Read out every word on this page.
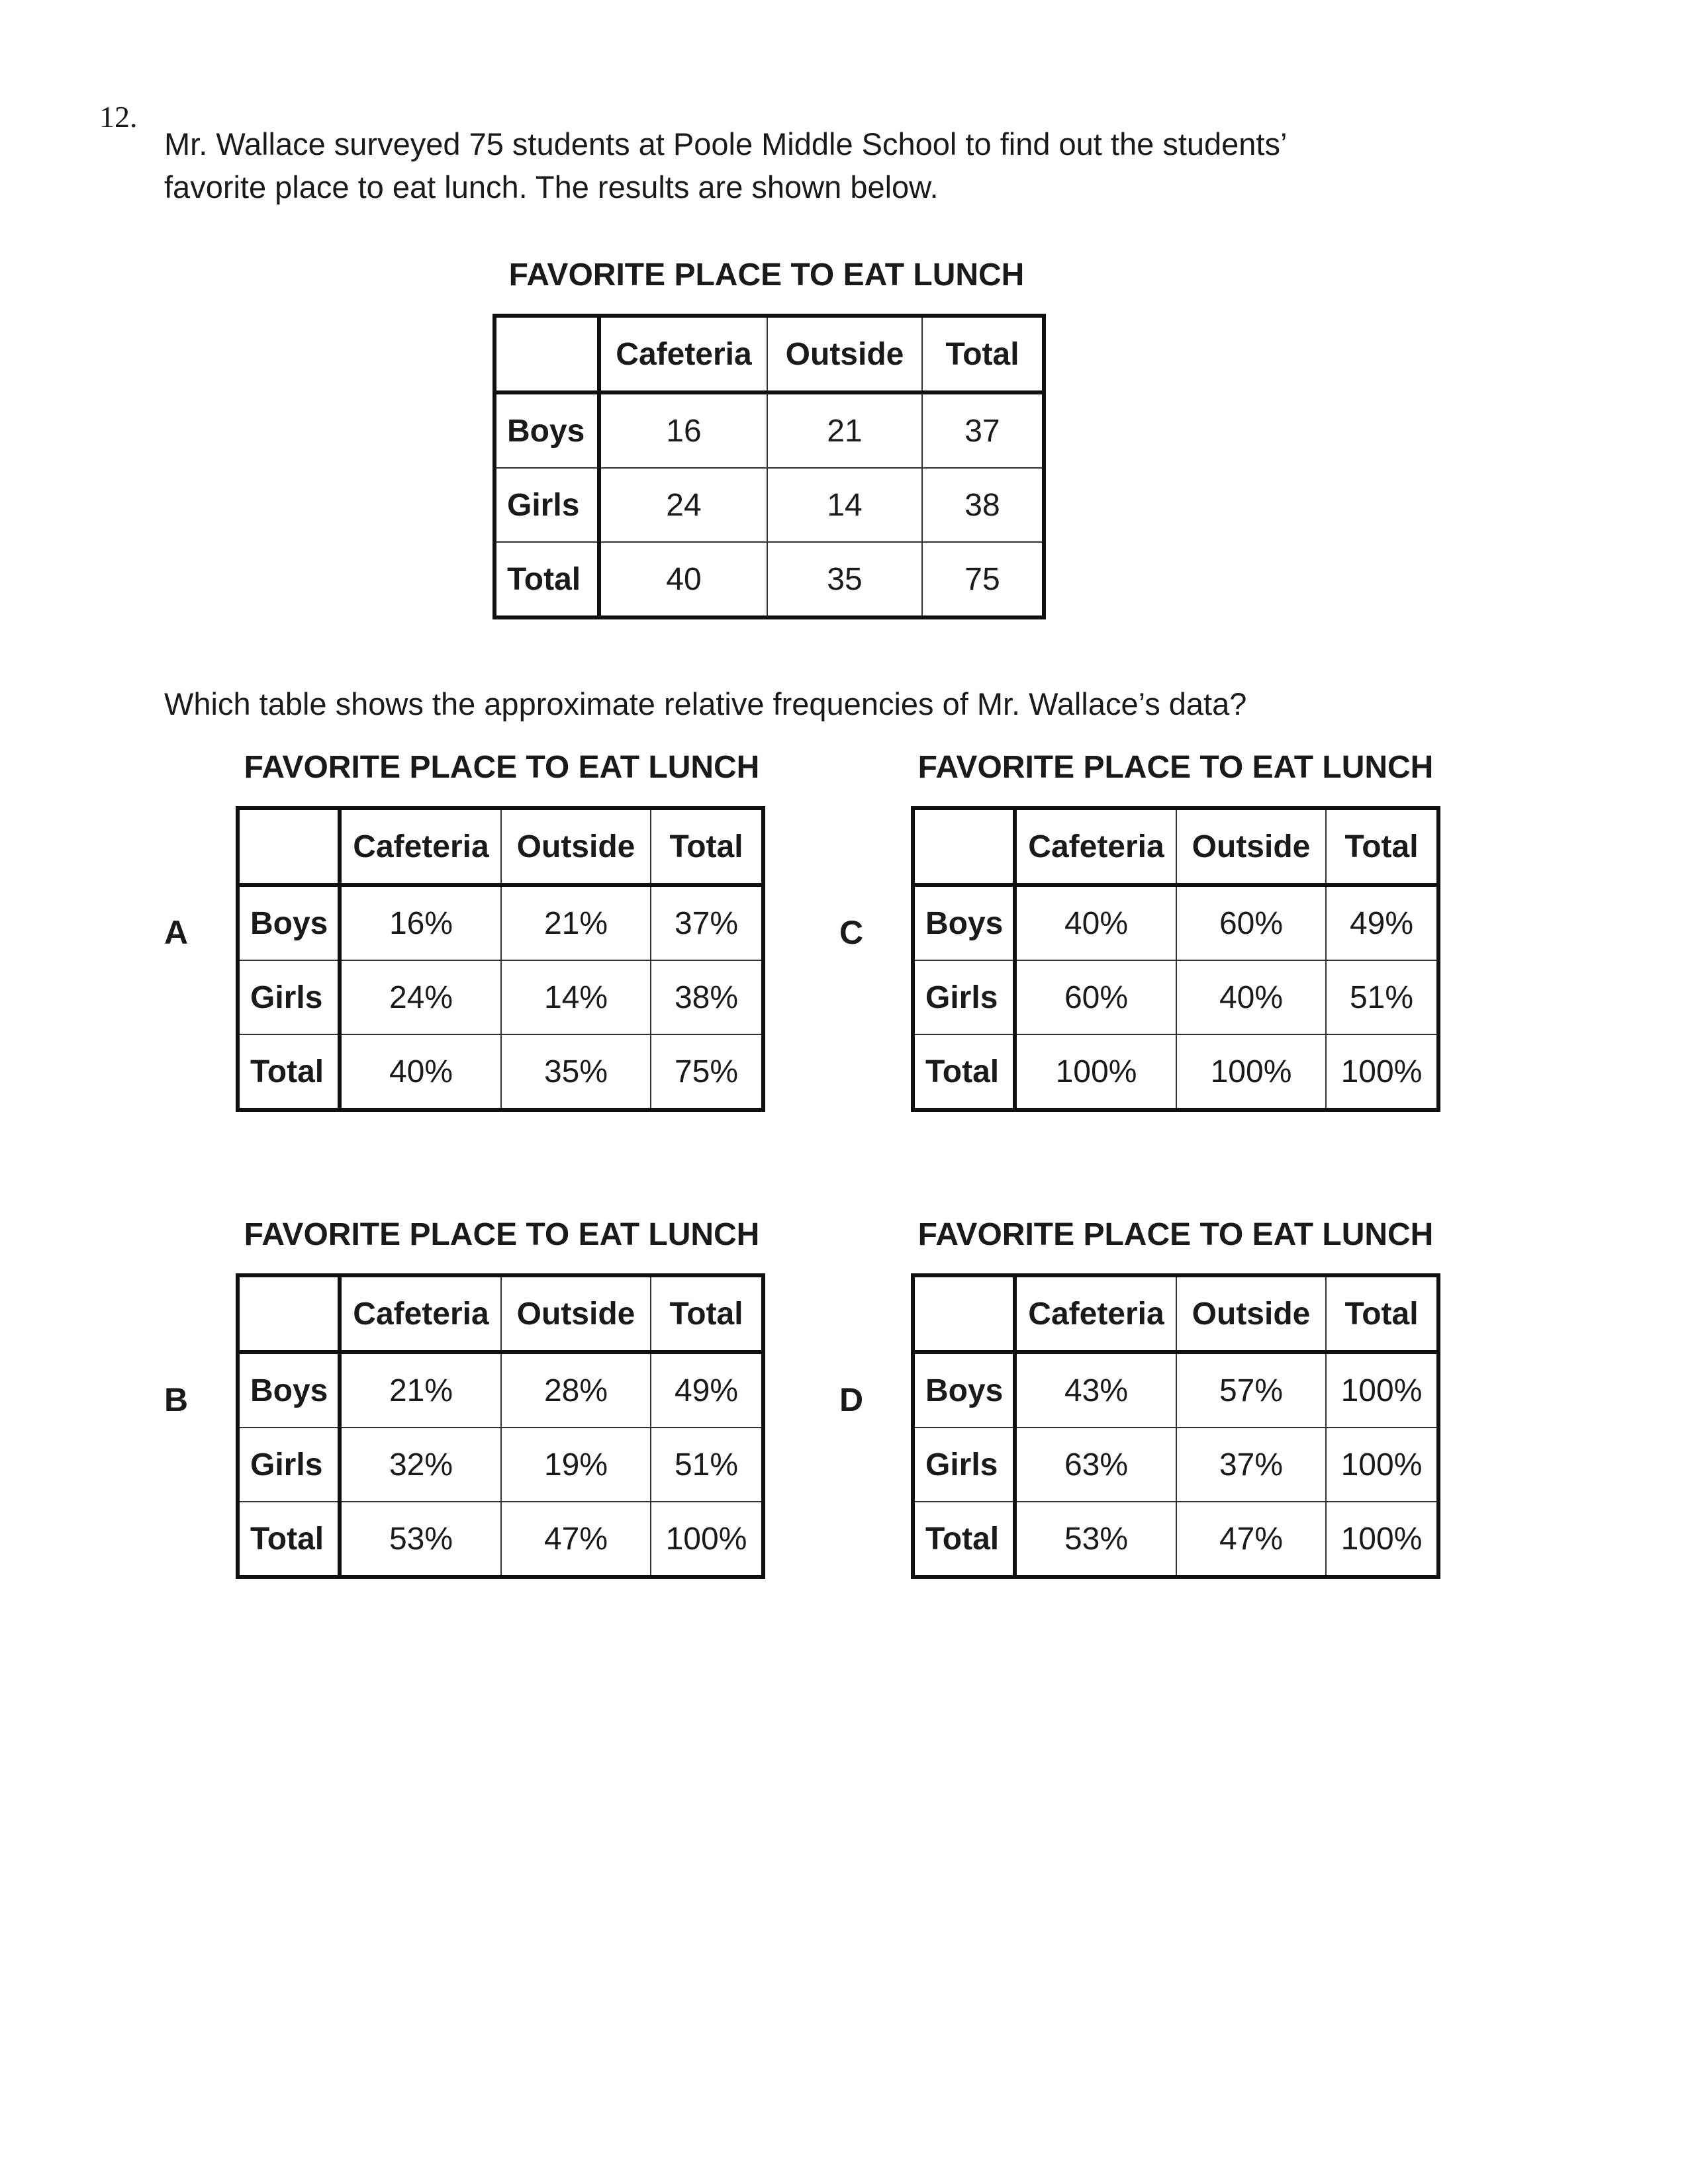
12.
Mr. Wallace surveyed 75 students at Poole Middle School to find out the students’
favorite place to eat lunch. The results are shown below.
FAVORITE PLACE TO EAT LUNCH
	Cafeteria	Outside	Total
Boys	16	21	37
Girls	24	14	38
Total	40	35	75
Which table shows the approximate relative frequencies of Mr. Wallace’s data?
FAVORITE PLACE TO EAT LUNCH
A
	Cafeteria	Outside	Total
Boys	16%	21%	37%
Girls	24%	14%	38%
Total	40%	35%	75%
FAVORITE PLACE TO EAT LUNCH
C
	Cafeteria	Outside	Total
Boys	40%	60%	49%
Girls	60%	40%	51%
Total	100%	100%	100%
FAVORITE PLACE TO EAT LUNCH
B
	Cafeteria	Outside	Total
Boys	21%	28%	49%
Girls	32%	19%	51%
Total	53%	47%	100%
FAVORITE PLACE TO EAT LUNCH
D
	Cafeteria	Outside	Total
Boys	43%	57%	100%
Girls	63%	37%	100%
Total	53%	47%	100%
